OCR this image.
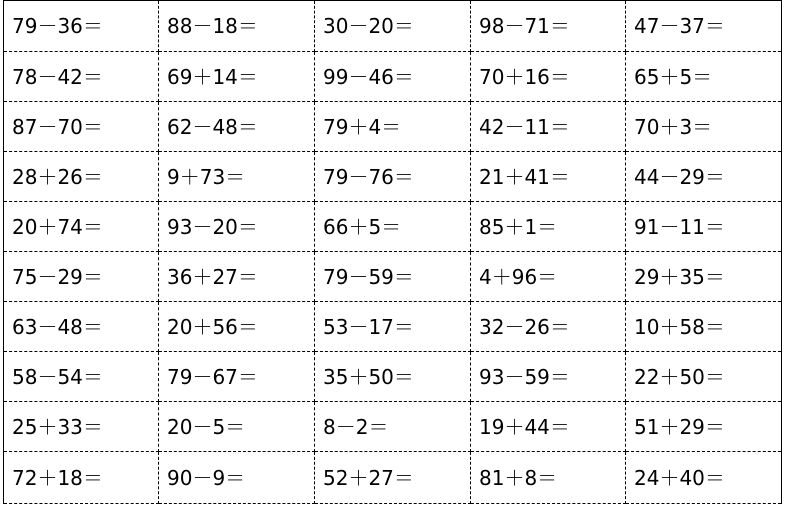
79－36＝	88－18＝	30－20＝	98－71＝	47－37＝
78－42＝	69＋14＝	99－46＝	70＋16＝	65＋5＝
87－70＝	62－48＝	79＋4＝	42－11＝	70＋3＝
28＋26＝	9＋73＝	79－76＝	21＋41＝	44－29＝
20＋74＝	93－20＝	66＋5＝	85＋1＝	91－11＝
75－29＝	36＋27＝	79－59＝	4＋96＝	29＋35＝
63－48＝	20＋56＝	53－17＝	32－26＝	10＋58＝
58－54＝	79－67＝	35＋50＝	93－59＝	22＋50＝
25＋33＝	20－5＝	8－2＝	19＋44＝	51＋29＝
72＋18＝	90－9＝	52＋27＝	81＋8＝	24＋40＝
